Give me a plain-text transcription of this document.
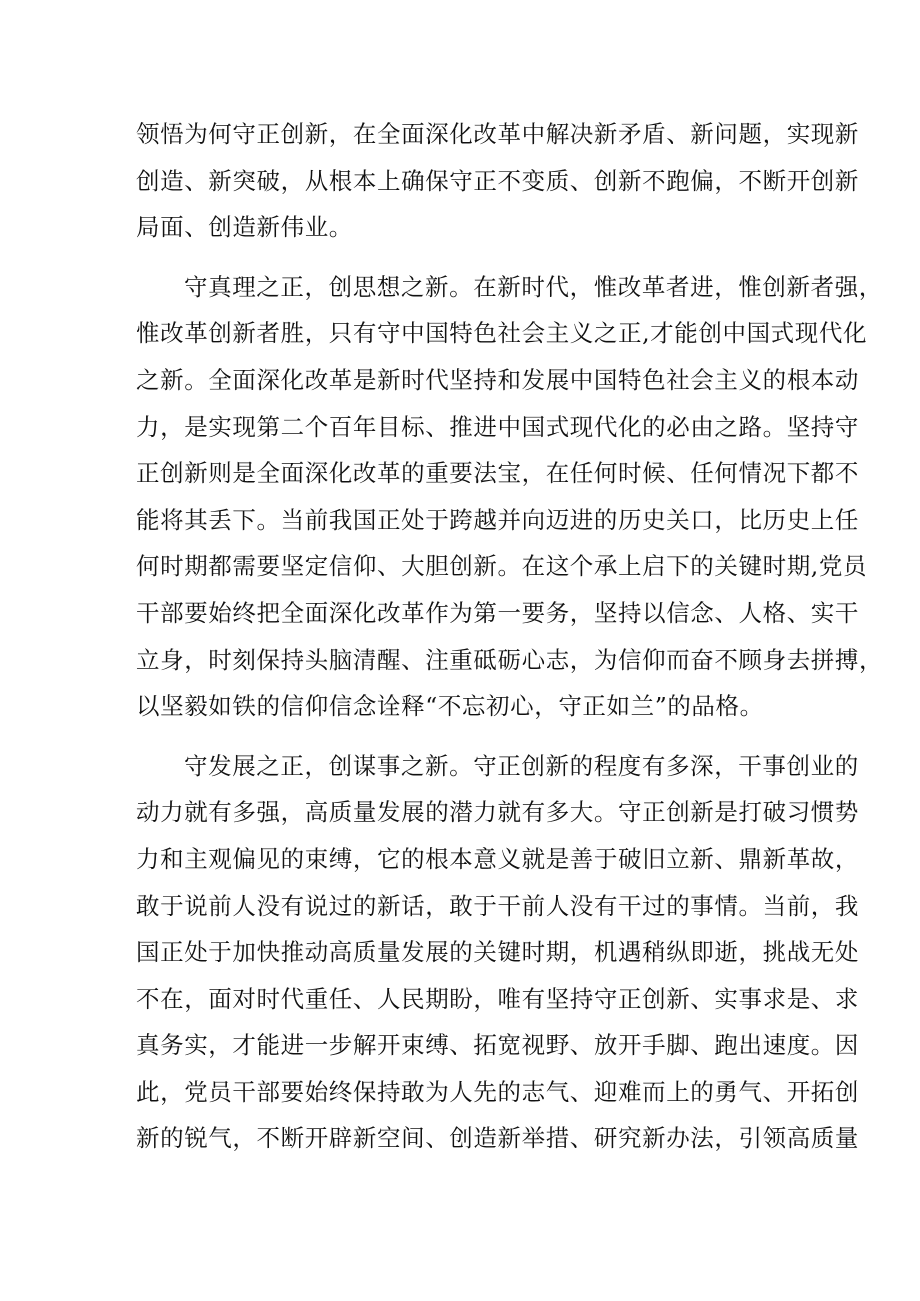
领悟为何守正创新，在全面深化改革中解决新矛盾、新问题，实现新
创造、新突破，从根本上确保守正不变质、创新不跑偏，不断开创新
局面、创造新伟业。
守真理之正，创思想之新。在新时代，惟改革者进，惟创新者强，
惟改革创新者胜，只有守中国特色社会主义之正,才能创中国式现代化
之新。全面深化改革是新时代坚持和发展中国特色社会主义的根本动
力，是实现第二个百年目标、推进中国式现代化的必由之路。坚持守
正创新则是全面深化改革的重要法宝，在任何时候、任何情况下都不
能将其丢下。当前我国正处于跨越并向迈进的历史关口，比历史上任
何时期都需要坚定信仰、大胆创新。在这个承上启下的关键时期,党员
干部要始终把全面深化改革作为第一要务，坚持以信念、人格、实干
立身，时刻保持头脑清醒、注重砥砺心志，为信仰而奋不顾身去拼搏，
以坚毅如铁的信仰信念诠释“不忘初心，守正如兰”的品格。
守发展之正，创谋事之新。守正创新的程度有多深，干事创业的
动力就有多强，高质量发展的潜力就有多大。守正创新是打破习惯势
力和主观偏见的束缚，它的根本意义就是善于破旧立新、鼎新革故，
敢于说前人没有说过的新话，敢于干前人没有干过的事情。当前，我
国正处于加快推动高质量发展的关键时期，机遇稍纵即逝，挑战无处
不在，面对时代重任、人民期盼，唯有坚持守正创新、实事求是、求
真务实，才能进一步解开束缚、拓宽视野、放开手脚、跑出速度。因
此，党员干部要始终保持敢为人先的志气、迎难而上的勇气、开拓创
新的锐气，不断开辟新空间、创造新举措、研究新办法，引领高质量
